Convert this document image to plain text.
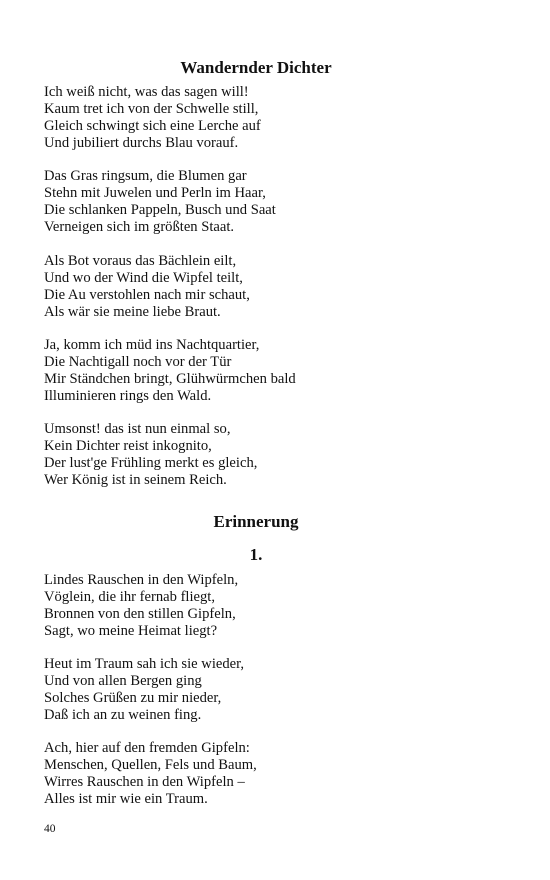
Wandernder Dichter
Ich weiß nicht, was das sagen will!
Kaum tret ich von der Schwelle still,
Gleich schwingt sich eine Lerche auf
Und jubiliert durchs Blau vorauf.
Das Gras ringsum, die Blumen gar
Stehn mit Juwelen und Perln im Haar,
Die schlanken Pappeln, Busch und Saat
Verneigen sich im größten Staat.
Als Bot voraus das Bächlein eilt,
Und wo der Wind die Wipfel teilt,
Die Au verstohlen nach mir schaut,
Als wär sie meine liebe Braut.
Ja, komm ich müd ins Nachtquartier,
Die Nachtigall noch vor der Tür
Mir Ständchen bringt, Glühwürmchen bald
Illuminieren rings den Wald.
Umsonst! das ist nun einmal so,
Kein Dichter reist inkognito,
Der lust'ge Frühling merkt es gleich,
Wer König ist in seinem Reich.
Erinnerung
1.
Lindes Rauschen in den Wipfeln,
Vöglein, die ihr fernab fliegt,
Bronnen von den stillen Gipfeln,
Sagt, wo meine Heimat liegt?
Heut im Traum sah ich sie wieder,
Und von allen Bergen ging
Solches Grüßen zu mir nieder,
Daß ich an zu weinen fing.
Ach, hier auf den fremden Gipfeln:
Menschen, Quellen, Fels und Baum,
Wirres Rauschen in den Wipfeln –
Alles ist mir wie ein Traum.
40
